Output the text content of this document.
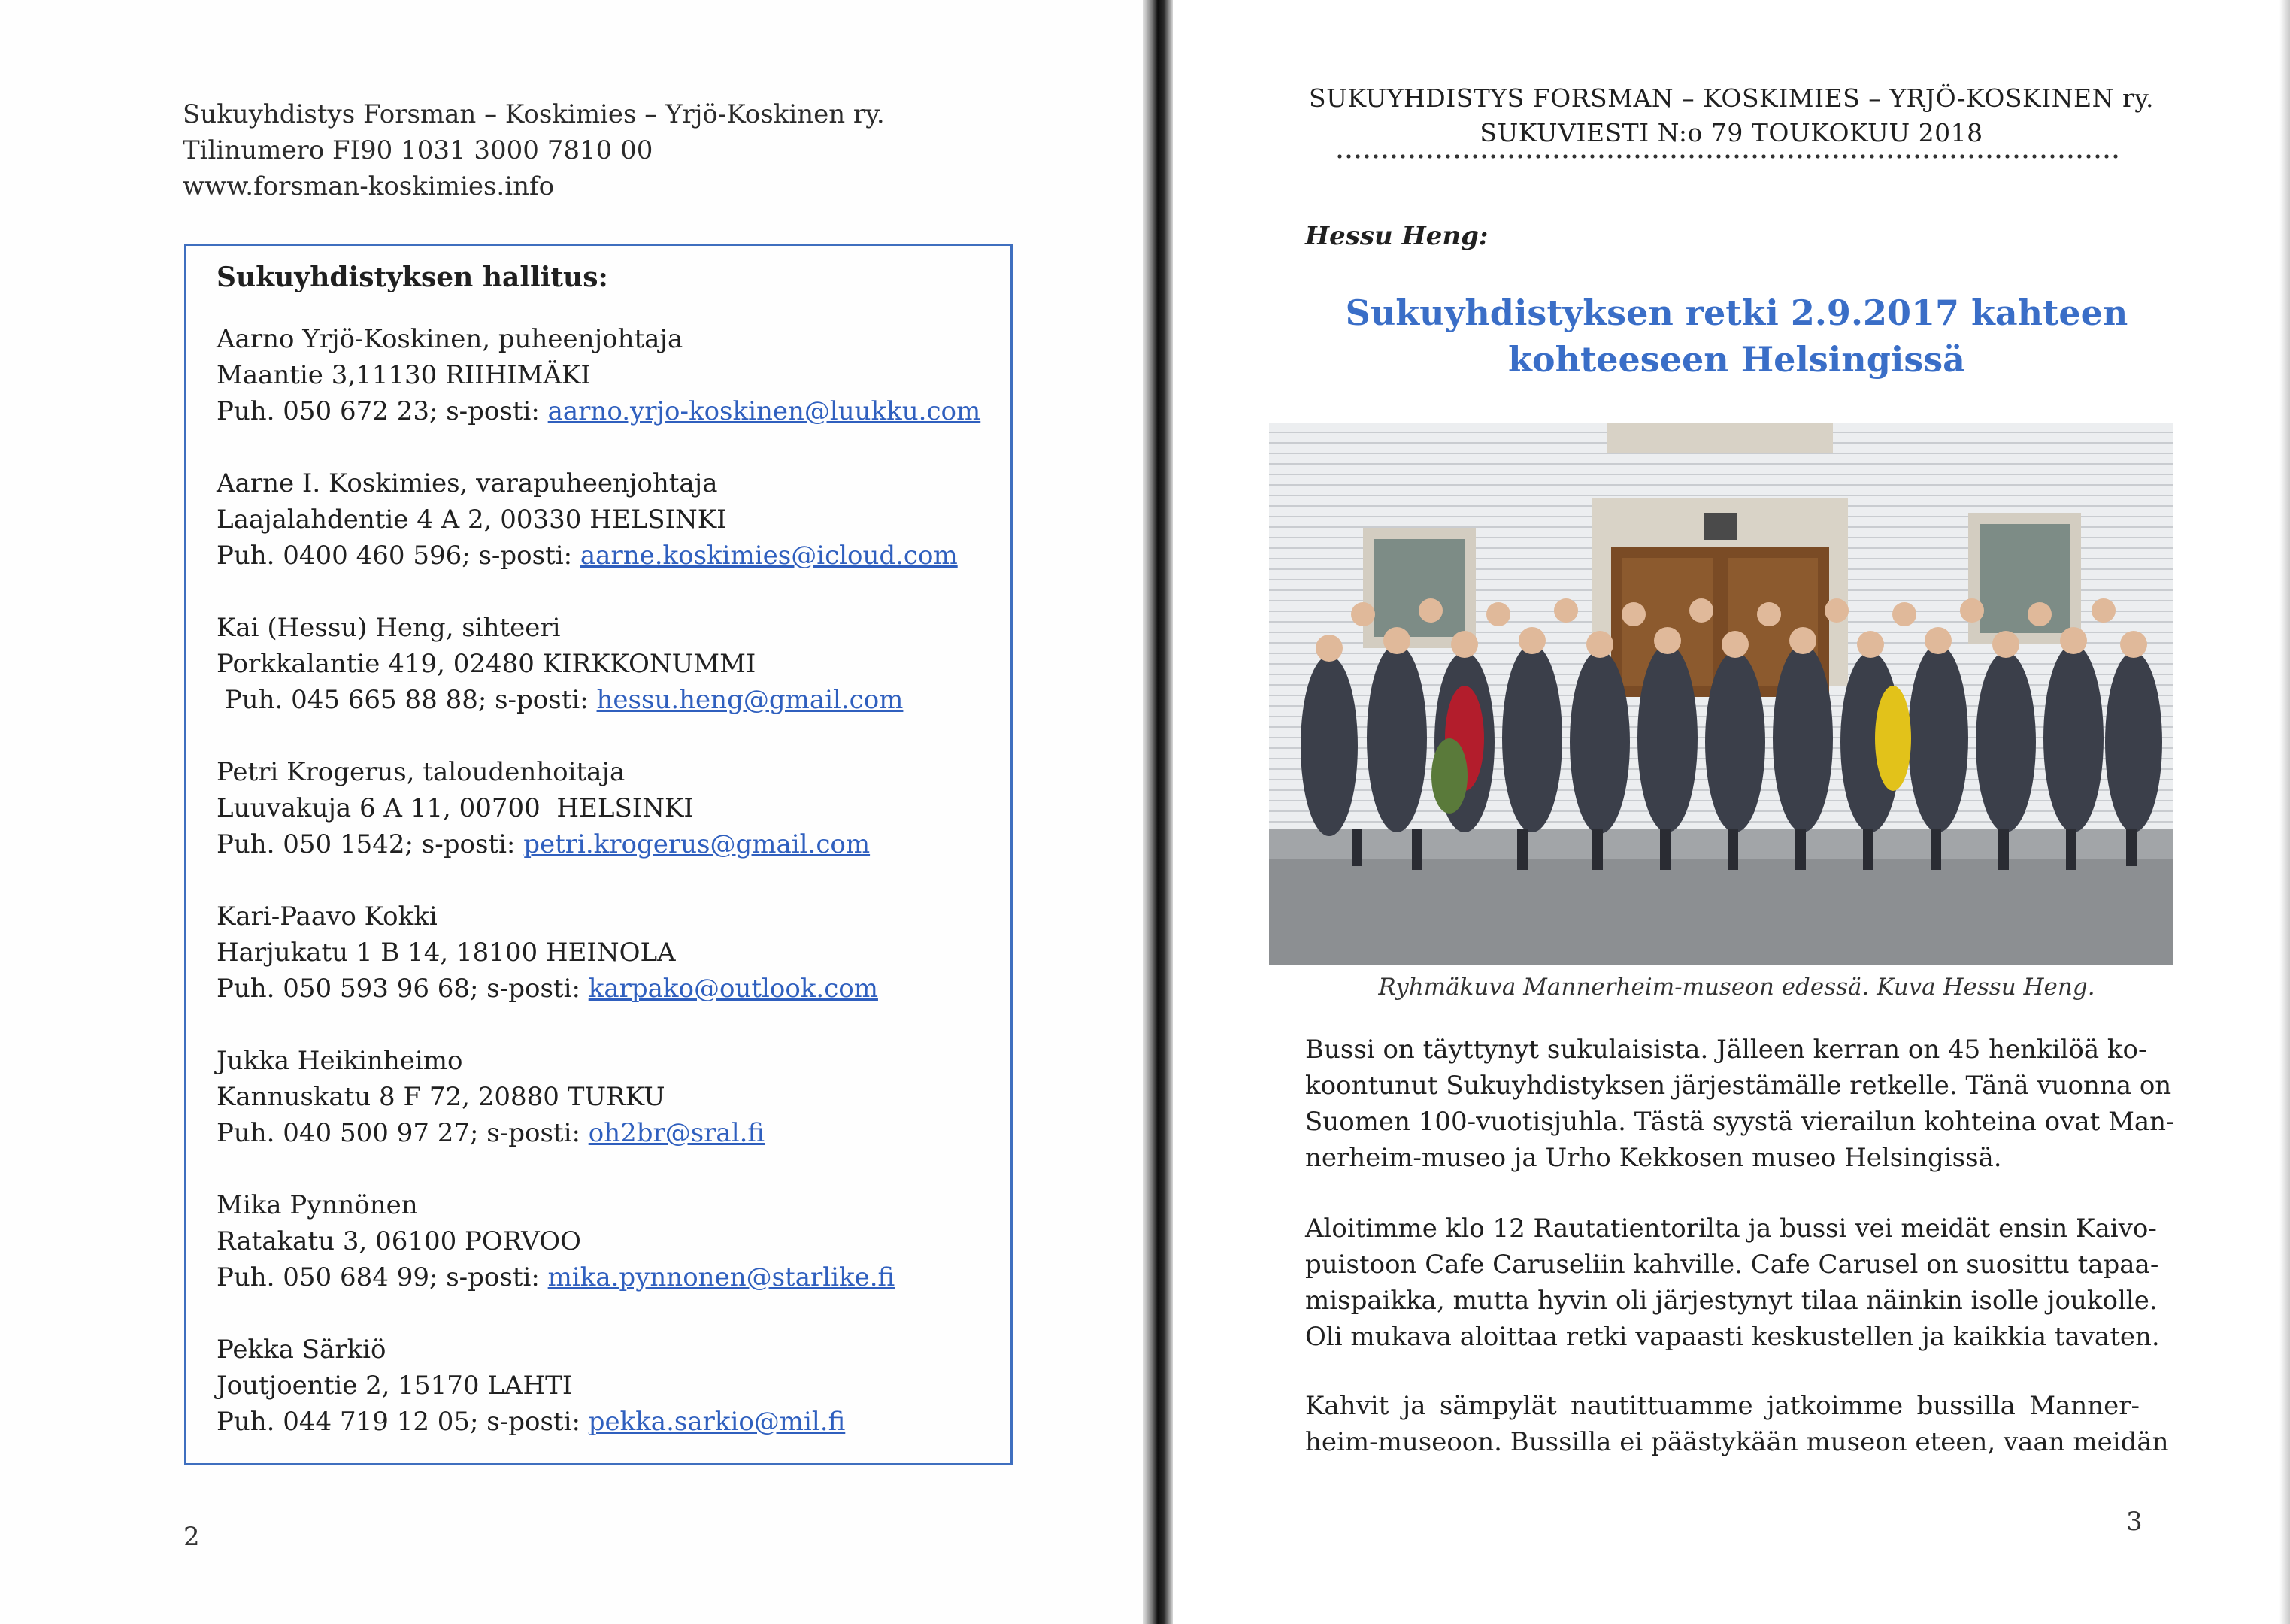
Sukuyhdistys Forsman – Koskimies – Yrjö-Koskinen ry.
Tilinumero FI90 1031 3000 7810 00
www.forsman-koskimies.info
Sukuyhdistyksen hallitus:
Aarno Yrjö-Koskinen, puheenjohtaja
Maantie 3,11130 RIIHIMÄKI
Puh. 050 672 23; s-posti: aarno.yrjo-koskinen@luukku.com
Aarne I. Koskimies, varapuheenjohtaja
Laajalahdentie 4 A 2, 00330 HELSINKI
Puh. 0400 460 596; s-posti: aarne.koskimies@icloud.com
Kai (Hessu) Heng, sihteeri
Porkkalantie 419, 02480 KIRKKONUMMI
Puh. 045 665 88 88; s-posti: hessu.heng@gmail.com
Petri Krogerus, taloudenhoitaja
Luuvakuja 6 A 11, 00700  HELSINKI
Puh. 050 1542; s-posti: petri.krogerus@gmail.com
Kari-Paavo Kokki
Harjukatu 1 B 14, 18100 HEINOLA
Puh. 050 593 96 68; s-posti: karpako@outlook.com
Jukka Heikinheimo
Kannuskatu 8 F 72, 20880 TURKU
Puh. 040 500 97 27; s-posti: oh2br@sral.fi
Mika Pynnönen
Ratakatu 3, 06100 PORVOO
Puh. 050 684 99; s-posti: mika.pynnonen@starlike.fi
Pekka Särkiö
Joutjoentie 2, 15170 LAHTI
Puh. 044 719 12 05; s-posti: pekka.sarkio@mil.fi
2
SUKUYHDISTYS FORSMAN – KOSKIMIES – YRJÖ-KOSKINEN ry.
SUKUVIESTI N:o 79 TOUKOKUU 2018
Hessu Heng:
Sukuyhdistyksen retki 2.9.2017 kahteen
kohteeseen Helsingissä
Ryhmäkuva Mannerheim-museon edessä. Kuva Hessu Heng.
Bussi on täyttynyt sukulaisista. Jälleen kerran on 45 henkilöä ko-
koontunut Sukuyhdistyksen järjestämälle retkelle. Tänä vuonna on
Suomen 100-vuotisjuhla. Tästä syystä vierailun kohteina ovat Man-
nerheim-museo ja Urho Kekkosen museo Helsingissä.
Aloitimme klo 12 Rautatientorilta ja bussi vei meidät ensin Kaivo-
puistoon Cafe Caruseliin kahville. Cafe Carusel on suosittu tapaa-
mispaikka, mutta hyvin oli järjestynyt tilaa näinkin isolle joukolle.
Oli mukava aloittaa retki vapaasti keskustellen ja kaikkia tavaten.
Kahvit ja sämpylät nautittuamme jatkoimme bussilla Manner-
heim-museoon. Bussilla ei päästykään museon eteen, vaan meidän
3
